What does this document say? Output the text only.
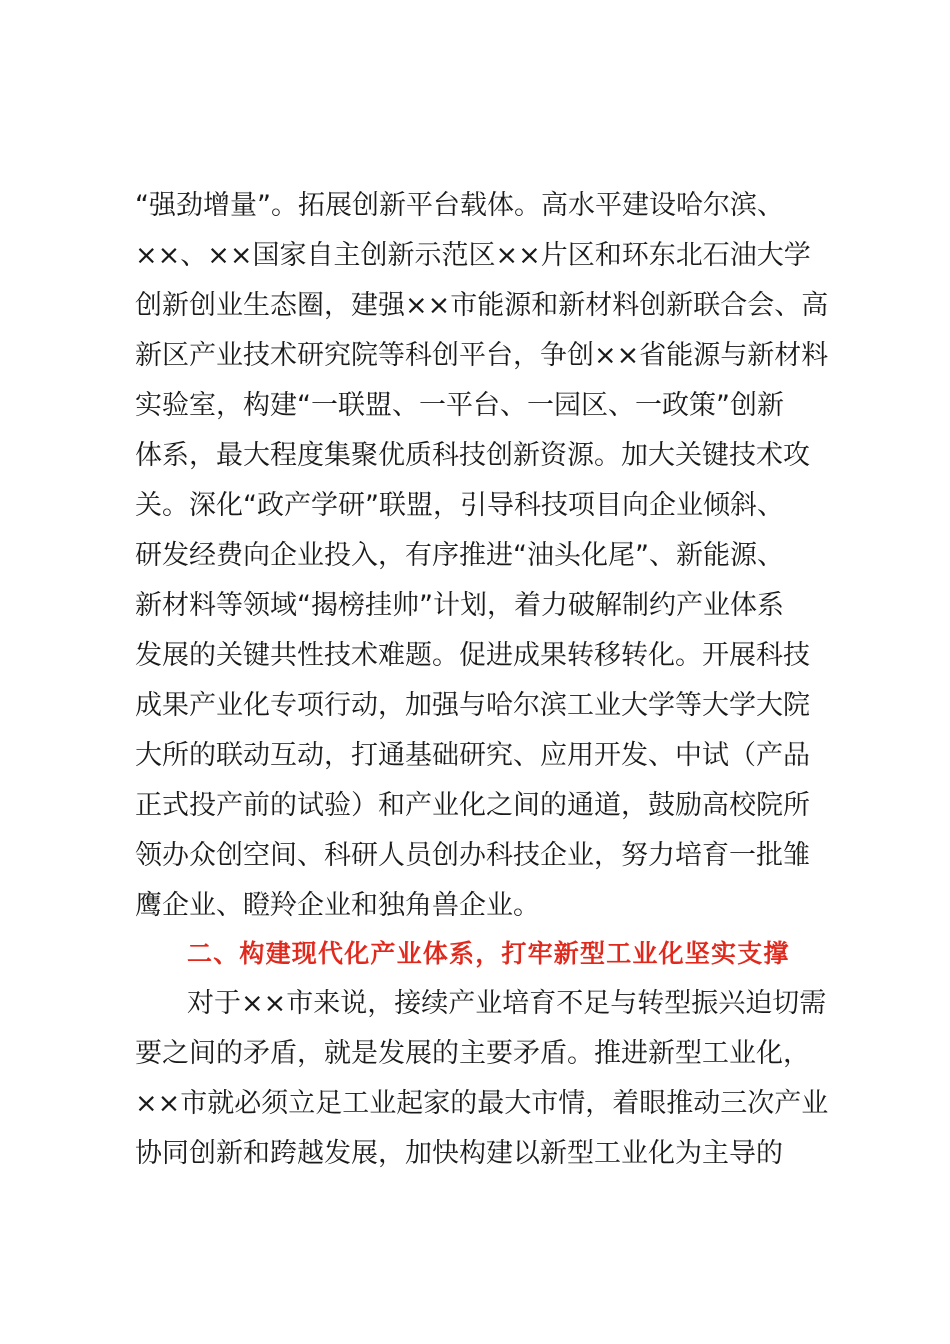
“强劲增量”。拓展创新平台载体。高水平建设哈尔滨、
××、××国家自主创新示范区××片区和环东北石油大学
创新创业生态圈，建强××市能源和新材料创新联合会、高
新区产业技术研究院等科创平台，争创××省能源与新材料
实验室，构建“一联盟、一平台、一园区、一政策”创新
体系，最大程度集聚优质科技创新资源。加大关键技术攻
关。深化“政产学研”联盟，引导科技项目向企业倾斜、
研发经费向企业投入，有序推进“油头化尾”、新能源、
新材料等领域“揭榜挂帅”计划，着力破解制约产业体系
发展的关键共性技术难题。促进成果转移转化。开展科技
成果产业化专项行动，加强与哈尔滨工业大学等大学大院
大所的联动互动，打通基础研究、应用开发、中试（产品
正式投产前的试验）和产业化之间的通道，鼓励高校院所
领办众创空间、科研人员创办科技企业，努力培育一批雏
鹰企业、瞪羚企业和独角兽企业。
二、构建现代化产业体系，打牢新型工业化坚实支撑
对于××市来说，接续产业培育不足与转型振兴迫切需
要之间的矛盾，就是发展的主要矛盾。推进新型工业化，
××市就必须立足工业起家的最大市情，着眼推动三次产业
协同创新和跨越发展，加快构建以新型工业化为主导的
